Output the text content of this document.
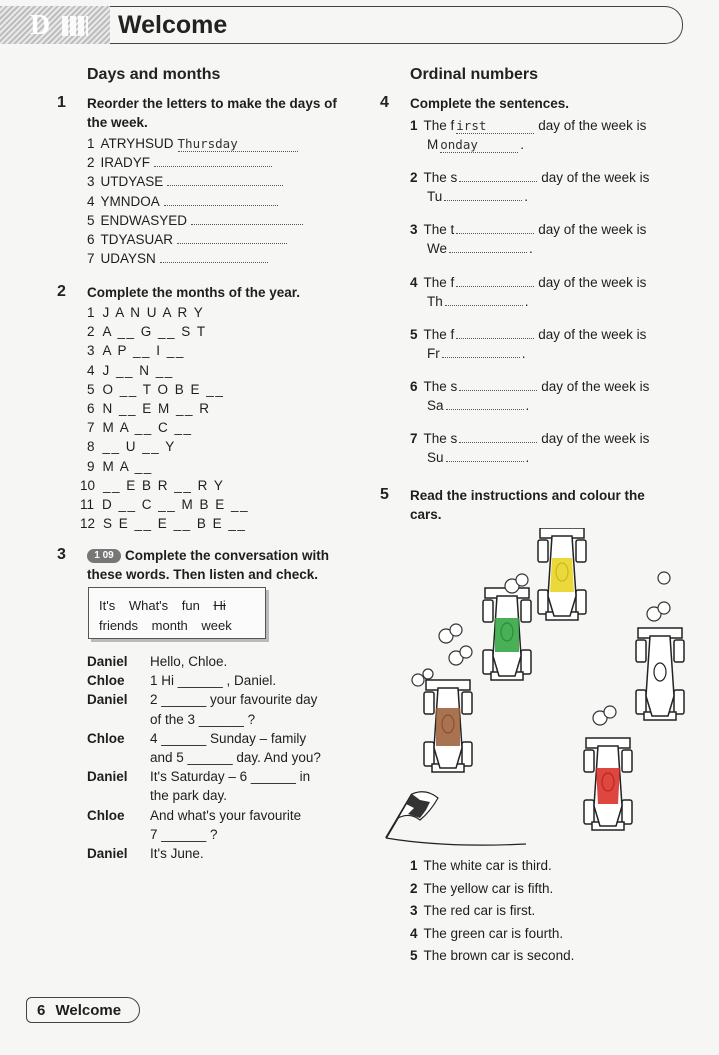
D	Welcome
Days and months
1 Reorder the letters to make the days of
the week.
2 Complete the months of the year.
3	1 09 Complete the conversation with
these words. Then listen and check.
It's What's fun Hi
friends month week
Ordinal numbers
4 Complete the sentences.
5 Read the instructions and colour the
cars.
6 Welcome
1 ATRYHSUD Thursday
2 IRADYF
3 UTDYASE
4 YMNDOA
5 ENDWASYED
6 TDYASUAR
7 UDAYSN
1 J A N U A R Y
2 A __ G __ S T
3 A P __ I __
4 J __ N __
5 O __ T O B E __
6 N __ E M __ R
7 M A __ C __
8 __ U __ Y
9 M A __
10 __ E B R __ R Y
11 D __ C __ M B E __
12 S E __ E __ B E __
Daniel Hello, Chloe.
Chloe 1 Hi ______ , Daniel.
Daniel 2 ______ your favourite day
of the 3 ______ ?
Chloe 4 ______ Sunday – family
and 5 ______ day. And you?
Daniel It's Saturday – 6 ______ in
the park day.
Chloe And what's your favourite
7 ______ ?
Daniel It's June.
1 The f irst	day of the week is
M onday	.
2 The s	day of the week is
Tu	.
3 The t	day of the week is
We	.
4 The f	day of the week is
Th	.
5 The f	day of the week is
Fr	.
6 The s	day of the week is
Sa	.
7 The s	day of the week is
Su	.
1 The white car is third.
2 The yellow car is fifth.
3 The red car is first.
4 The green car is fourth.
5 The brown car is second.
